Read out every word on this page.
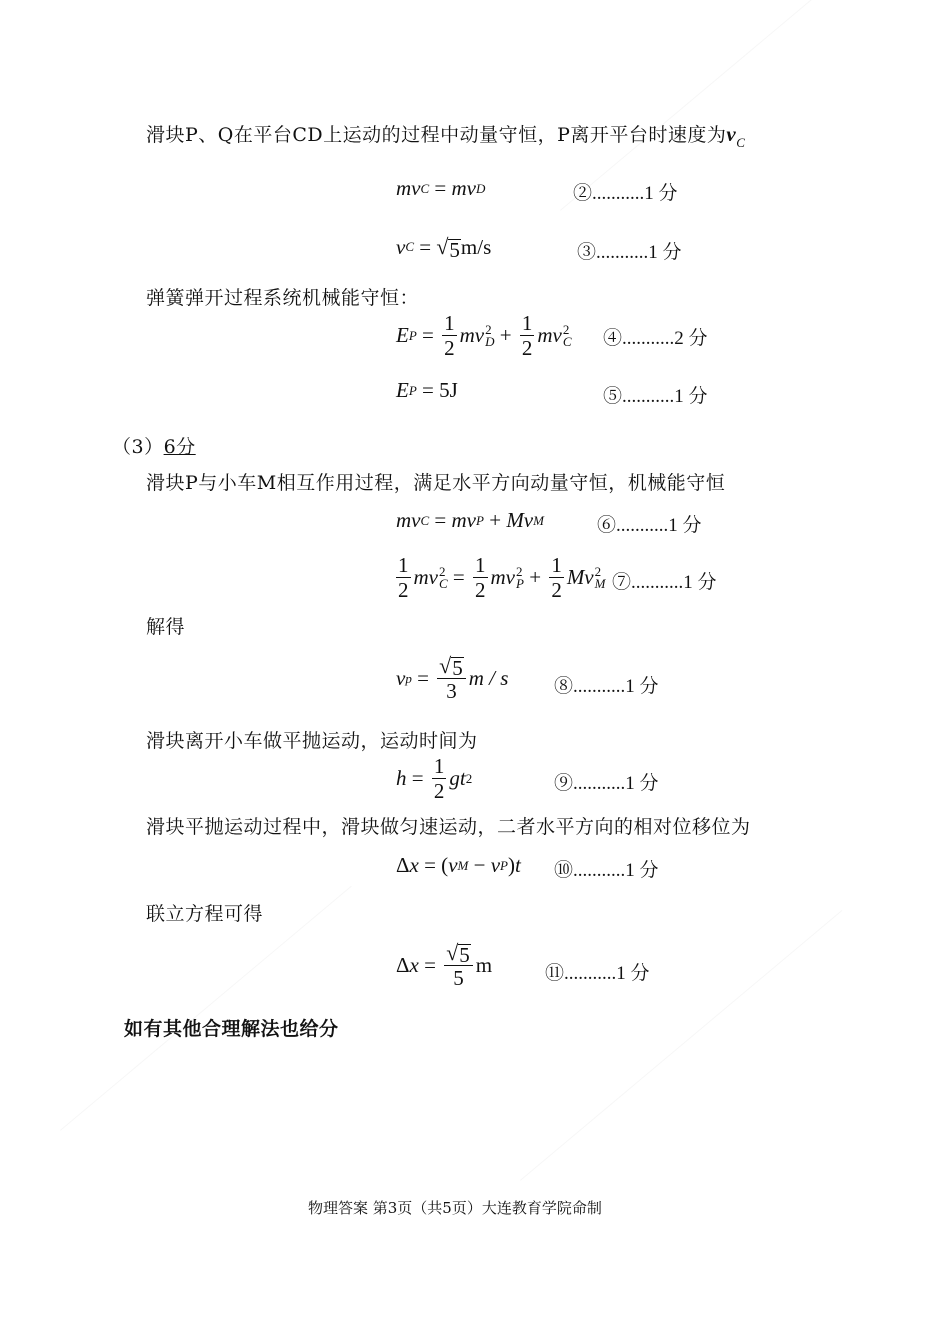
滑块P、Q在平台CD上运动的过程中动量守恒，P离开平台时速度为$v_C$
mv C = mv D	②...........1 分
v C = √ 5 m/s	③...........1 分
弹簧弹开过程系统机械能守恒：
E $P = \frac{1}{2}$ mv 2
$D + \frac{1}{2}$ mv 2
C ④...........2 分
E P = 5J	⑤...........1 分
（3）6分
滑块P与小车M相互作用过程，满足水平方向动量守恒，机械能守恒
mv C = mv P + Mv M	⑥...........1 分
$\frac{1}{2}$ mv 2
$C = \frac{1}{2}$ mv 2
$P + \frac{1}{2}$ Mv 2
M ⑦...........1 分
解得
v $p = \frac{√ 5}{3}$ m / s ⑧...........1 分
滑块离开小车做平抛运动，运动时间为
$h = \frac{1}{2}$ gt 2	⑨...........1 分
滑块平抛运动过程中，滑块做匀速运动，二者水平方向的相对位移位为
Δ x = ( v M − v P ) t ⑩...........1 分
联立方程可得
Δ $x = \frac{√ 5}{5}$ m	⑪...........1 分
如有其他合理解法也给分
物理答案 第3页（共5页）大连教育学院命制
